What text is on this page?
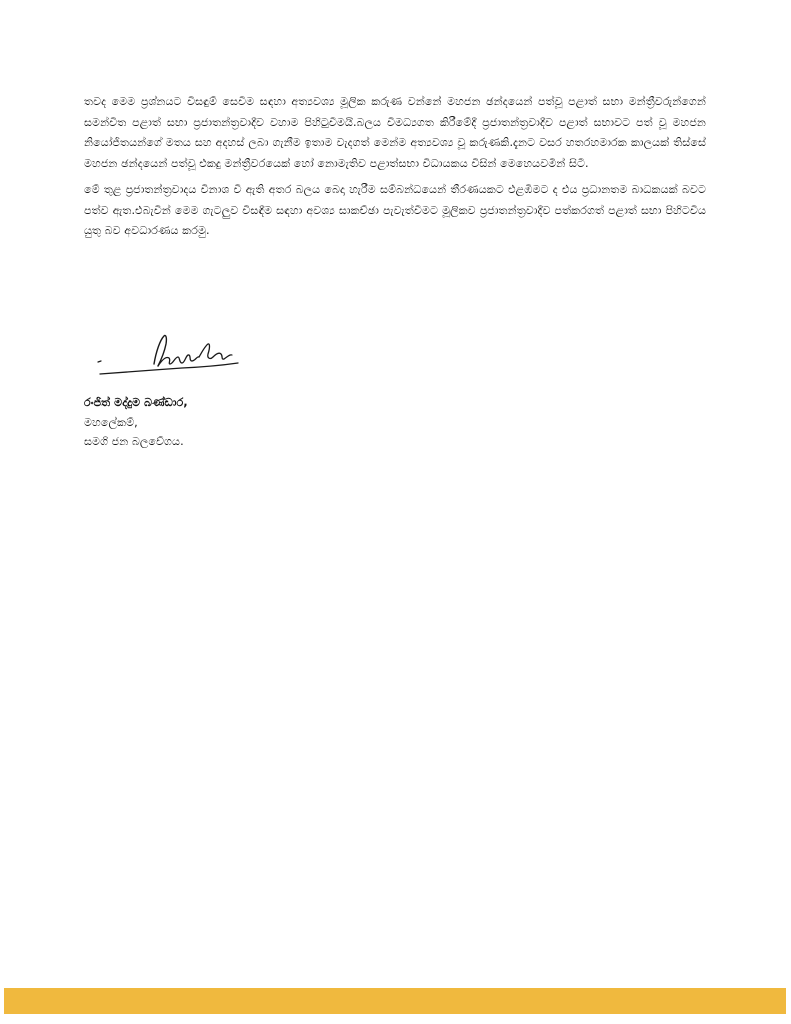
තවද මෙම ප්‍රශ්නයට විසඳුම් සෙවීම සඳහා අත්‍යවශ්‍ය මූලික කරුණ වන්නේ මහජන ඡන්දයෙන් පත්වූ පළාත් සභා මන්ත්‍රීවරුන්ගෙන් සමන්විත පළාත් සභා ප්‍රජාතන්ත්‍රවාදීව වහාම පිහිටුවීමයි.බලය විමධ්‍යගත කිරීමේදී ප්‍රජාතන්ත්‍රවාදීව පළාත් සභාවට පත් වූ මහජන නියෝජිතයන්ගේ මතය සහ අදහස් ලබා ගැනීම ඉතාම වැදගත් මෙන්ම අත්‍යවශ්‍ය වූ කරුණකි.දැනට වසර හතරහමාරක කාලයක් තිස්සේ මහජන ඡන්දයෙන් පත්වූ එකදු මන්ත්‍රීවරයෙක් හෝ නොමැතිව පළාත්සභා විධායකය විසින් මෙහෙයවමින් සිටී.

මේ තුළ ප්‍රජාතන්ත්‍රවාදය විනාශ වී ඇති අතර බලය බෙදා හැරීම සම්බන්ධයෙන් තීරණයකට එළඹීමට ද එය ප්‍රධානතම බාධකයක් බවට පත්ව ඇත.එබැවින් මෙම ගැටලුව විසඳීම සඳහා අවශ්‍ය සාකච්ඡා පැවැත්වීමට මූලිකව ප්‍රජාතන්ත්‍රවාදීව පත්කරගත් පළාත් සභා පිහිටවිය යුතු බව අවධාරණය කරමු.

රංජිත් මද්දුම බණ්ඩාර,
මහලේකම්,
සමගි ජන බලවේගය.
